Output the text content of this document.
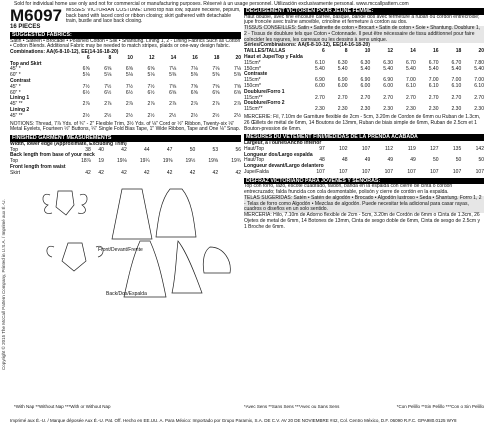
Sold for individual home use only and not for commercial or manufacturing purposes. Réservé à un usage personnel. Utilización exclusivamente personal. www.mccallpattern.com
Copyright © 2015 The McCall Pattern Company, Printed in U.S.A. / Imprimé aux É.-U.
M6097
16 PIECES
MISSES' VICTORIAN COSTUME: Lined top has low, square neckline, peplum, back band with laced cord or ribbon closing; skirt gathered with detachable train, bustle and lace back closing.
SUGGESTED FABRICS:
Satin • Sateen • Brocade • Polished Cotton • Silk • Shantung. Lining 1, 2 - Lining Fabrics Such as Cotton • Cotton Blends. Additional Fabric may be needed to match stripes, plaids or one-way design fabric.
Combinations: AA(6-8-10-12), EE(14-16-18-20)
	6	8	10	12	14	16	18	20
Top and Skirt								
45" *	6⅝	6⅝	6⅝	6⅝	7⅛	7⅛	7⅛	7⅛
60" *	5⅛	5⅛	5⅛	5⅛	5⅜	5⅜	5⅜	5⅜
Contrast								
45" *	7½	7½	7½	7½	7⅝	7⅝	7⅝	7⅝
60" *	6½	6½	6½	6½	6⅝	6⅝	6⅝	6⅝
Lining 1								
45" **	2⅞	2⅞	2⅞	2⅞	2⅞	2⅞	2⅞	2⅞
Lining 2								
45" **	2½	2½	2½	2½	2½	2½	2½	2½
NOTIONS: Thread, 7⅞ Yds. of ¾" - 2" Flexible Trim, 3½ Yds. of ⅛" Cord or ½" Ribbon, Twenty-six ⅛" Metal Eyelets, Fourteen ½" Buttons, ¼" Single Fold Bias Tape, 1" Wide Ribbon, Tape and One ⅛" Snap.
FINISHED GARMENT MEASUREMENTS
Width, lower edge (Approximate, Excluding Trim)								
Top	38	40	42	44	47	50	53	56
Back length from base of your neck								
Top	18⅞	19	19⅛	19¼	19⅜	19½	19⅝	19¾
Front length from waist								
Skirt	42	42	42	42	42	42	42	42
Front/Devant/Frente
Back/Dos/Espalda
DEGUISEMENT VICTORIEN POUR JEUNE FEMME:
Haut doublé, avec fine encolure carrée, basque, bande dos avec fermeture à ruban ou cordon entrecroisé; jupe froncée avec traîne amovible, crinoline et fermeture à cordon au dos.
TISSUS CONSEILLES: Satin • Satinette de coton • Brocart • Satin de coton • Soie • Shantung. Doublure 1, 2 - Tissus de doublure tels que Coton • Cotonnade. Il peut être nécessaire de tissu additionnel pour faire coïncider les rayures, les carreaux ou les dessins à sens unique.
Séries/Combinaisons: AA(6-8-10-12), EE(14-16-18-20)
TAILLES/TALLAS	6	8	10	12	14	16	18	20
Haut et Jupe/Top y Falda								
115cm*	6.10	6.30	6.30	6.30	6.70	6.70	6.70	7.80
150cm*	5.40	5.40	5.40	5.40	5.40	5.40	5.40	5.40
Contraste								
115cm*	6.90	6.90	6.90	6.90	7.00	7.00	7.00	7.00
150cm*	6.00	6.00	6.00	6.00	6.10	6.10	6.10	6.10
Doublure/Forro 1								
115cm**	2.70	2.70	2.70	2.70	2.70	2.70	2.70	2.70
Doublure/Forro 2								
115cm**	2.30	2.30	2.30	2.30	2.30	2.30	2.30	2.30
MERCERIE: Fil, 7.10m de Garniture flexible de 2cm - 5cm, 3.20m de Cordon de 6mm ou Ruban de 1.3cm, 26 Œillets de métal de 6mm, 14 Boutons de 13mm, Ruban de biais simple de 6mm, Ruban de 2.5cm et 1 Bouton-pression de 6mm.
MESURES DU VETEMENT FINI/MEDIDAS DE LA PRENDA ACABADA
Largeur, à l'ourlet/Ancho inferior								
Haut/Top	97	102	107	112	119	127	135	142
Longueur dos/Largo espalda								
Haut/Top	48	48	49	49	49	50	50	50
Longueur devant/Largo delantero								
Jupe/Falda	107	107	107	107	107	107	107	107
DISFRAZ VICTORIANO PARA JOVENES Y SEÑORAS:
Top con forro, lazo, escote cuadrado, faldón, banda en la espalda con cierre de cinta o cordón entrecruzado; falda fruncida con cola desmontable, polisón y cierre de cordón en la espalda.
TELAS SUGERIDAS: Satén • Satén de algodón • Brocado • Algodón lustroso • Seda • Shantung. Forro 1, 2 - Telas de forro como Algodón • Mezclas de algodón. Puede necesitar tela adicional para casar rayas, cuadros o diseños en un solo sentido.
MERCERIA: Hilo, 7.10m de Adorno flexible de 2cm - 5cm, 3.20m de Cordón de 6mm o Cinta de 1.3cm, 26 Ojetes de metal de 6mm, 14 Botones de 13mm, Cinta de sesgo doble de 6mm, Cinta de sesgo de 2.5cm y 1 Broche de 6mm.
*With Nap **Without Nap ***With or Without Nap	*Avec Sens **Sans Sens ***Avec ou Sans Sens	*Con Pelillo **Sin Pelillo ***Con o Sin Pelillo
Imprimé aux É.-U. / Marque déposée Aux É.-U. Pat. Off. Hecho en EE.UU. A. Para México: Importado por Grupo Paramix, S.A. DE C.V. AV 20 DE NOVIEMBRE #42, Col. Centro México, D.F. 06090 R.F.C. GPA980.0125 WY8
